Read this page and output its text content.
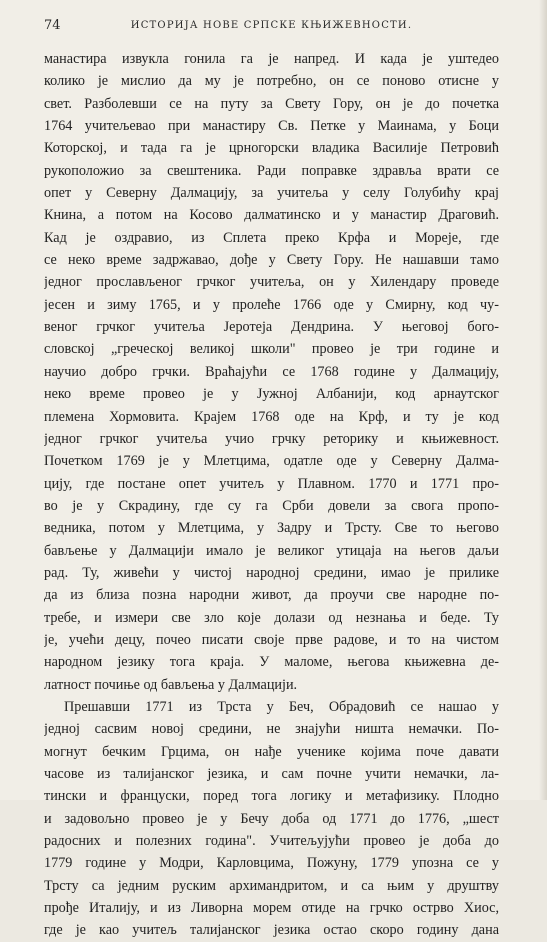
74	ИСТОРИЈА НОВЕ СРПСКЕ КЊИЖЕВНОСТИ.
манастира извукла гонила га је напред. И када је уштедео
колико је мислио да му је потребно, он се поново отисне у
свет. Разболевши се на путу за Свету Гору, он је до почетка
1764 учитељевао при манастиру Св. Петке у Маинама, у Боци
Которској, и тада га је црногорски владика Василије Петровић
рукоположио за свештеника. Ради поправке здравља врати се
опет у Северну Далмацију, за учитеља у селу Голубићу крај
Книна, а потом на Косово далматинско и у манастир Драговић.
Кад је оздравио, из Сплета преко Крфа и Мореје, где
се неко време задржавао, дође у Свету Гору. Не нашавши тамо
једног прослављеног грчког учитеља, он у Хилендару проведе
јесен и зиму 1765, и у пролеће 1766 оде у Смирну, код чу-
веног грчког учитеља Јеротеја Дендрина. У његовој бого-
словској „греческој великој школи" провео је три године и
научио добро грчки. Враћајући се 1768 године у Далмацију,
неко време провео је у Јужној Албанији, код арнаутског
племена Хормовита. Крајем 1768 оде на Крф, и ту је код
једног грчког учитеља учио грчку реторику и књижевност.
Почетком 1769 је у Млетцима, одатле оде у Северну Далма-
цију, где постане опет учитељ у Плавном. 1770 и 1771 про-
во је у Скрадину, где су га Срби довели за свога пропо-
ведника, потом у Млетцима, у Задру и Трсту. Све то његово
бављење у Далмацији имало је великог утицаја на његов даљи
рад. Ту, живећи у чистој народној средини, имао је прилике
да из близа позна народни живот, да проучи све народне по-
требе, и измери све зло које долази од незнања и беде. Ту
је, учећи децу, почео писати своје прве радове, и то на чистом
народном језику тога краја. У маломе, његова књижевна де-
латност почиње од бављења у Далмацији.
Прешавши 1771 из Трста у Беч, Обрадовић се нашао у
једној сасвим новој средини, не знајући ништа немачки. По-
могнут бечким Грцима, он нађе ученике којима поче давати
часове из талијанског језика, и сам почне учити немачки, ла-
тински и француски, поред тога логику и метафизику. Плодно
и задовољно провео је у Бечу доба од 1771 до 1776, „шест
радосних и полезних година". Учитељујући провео је доба до
1779 године у Модри, Карловцима, Пожуну, 1779 упозна се у
Трсту са једним руским архимандритом, и са њим у друштву
прође Италију, и из Ливорна морем отиде на грчко острво Хиос,
где је као учитељ талијанског језика остао скоро годину дана
